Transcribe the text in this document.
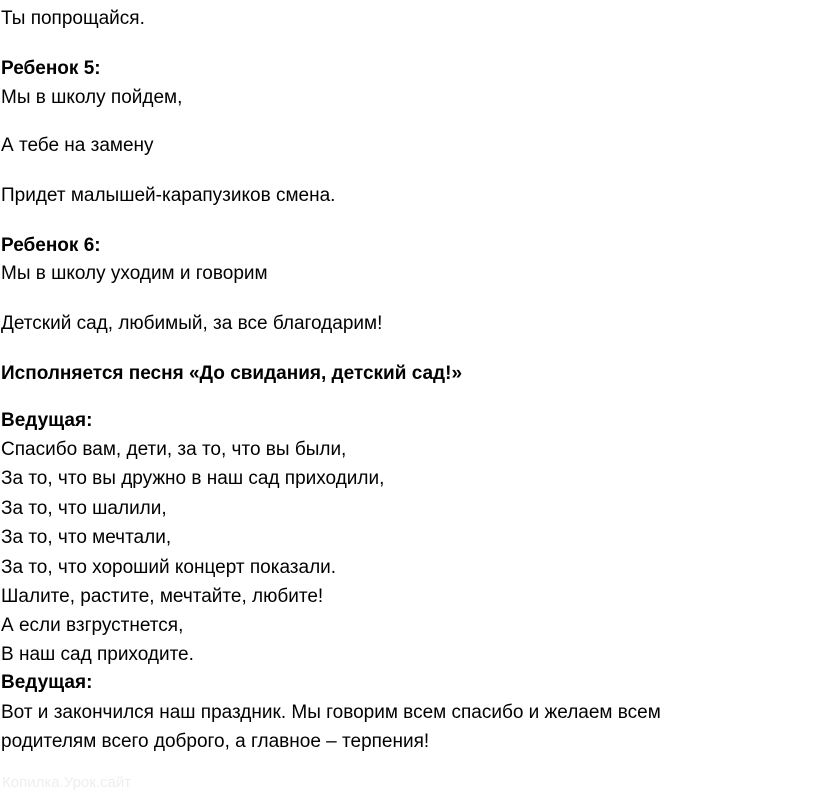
Ты попрощайся.
Ребенок 5:
Мы в школу пойдем,
А тебе на замену
Придет малышей-карапузиков смена.
Ребенок 6:
Мы в школу уходим и говорим
Детский сад, любимый, за все благодарим!
Исполняется песня «До свидания, детский сад!»
Ведущая:
Спасибо вам, дети, за то, что вы были,
За то, что вы дружно в наш сад приходили,
За то, что шалили,
За то, что мечтали,
За то, что хороший концерт показали.
Шалите, растите, мечтайте, любите!
А если взгрустнется,
В наш сад приходите.
Ведущая:
Вот и закончился наш праздник. Мы говорим всем спасибо и желаем всем
родителям всего доброго, а главное – терпения!
Копилка.Урок.сайт
